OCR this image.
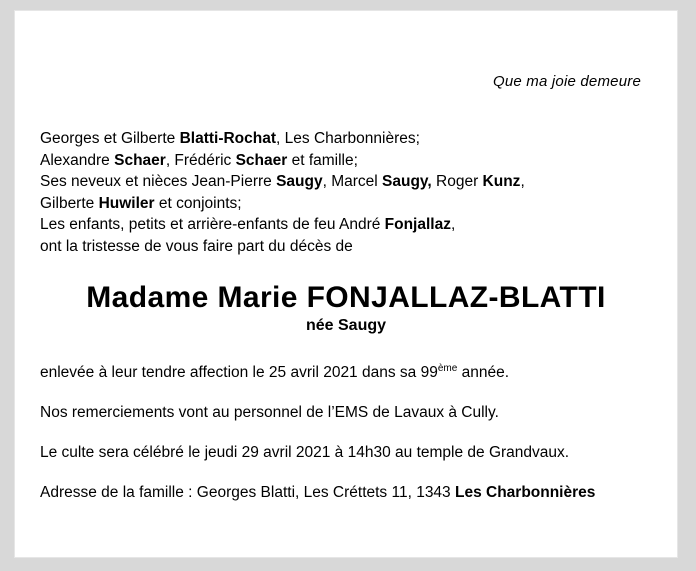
Que ma joie demeure
Georges et Gilberte Blatti-Rochat, Les Charbonnières;
Alexandre Schaer, Frédéric Schaer et famille;
Ses neveux et nièces Jean-Pierre Saugy, Marcel Saugy, Roger Kunz,
Gilberte Huwiler et conjoints;
Les enfants, petits et arrière-enfants de feu André Fonjallaz,
ont la tristesse de vous faire part du décès de
Madame Marie FONJALLAZ-BLATTI
née Saugy

enlevée à leur tendre affection le 25 avril 2021 dans sa 99ème année.

Nos remerciements vont au personnel de l’EMS de Lavaux à Cully.

Le culte sera célébré le jeudi 29 avril 2021 à 14h30 au temple de Grandvaux.

Adresse de la famille : Georges Blatti, Les Créttets 11, 1343 Les Charbonnières
